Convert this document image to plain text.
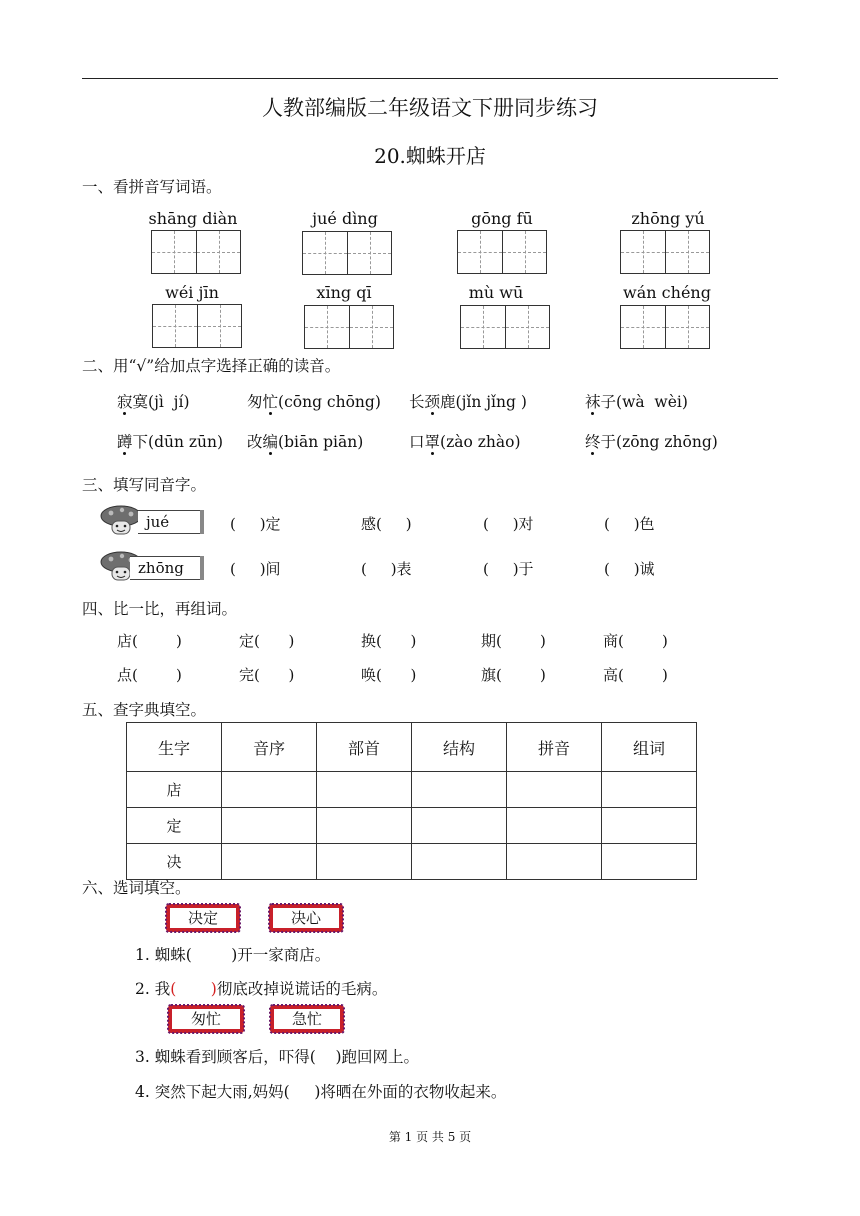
人教部编版二年级语文下册同步练习
20.蜘蛛开店
一、看拼音写词语。
shāng diàn	jué dìng	gōng fū	zhōng yú
wéi jīn	xīng qī	mù wū	wán chéng
二、用“√”给加点字选择正确的读音。
寂寞(jì  jí)	匆忙(cōng chōng) 长颈鹿(jǐn jǐng )	袜子(wà  wèi)
蹲下(dūn zūn) 改编(biān piān)	口罩(zào zhào)	终于(zōng zhōng)
三、填写同音字。
jué	(     )定	感(     )	(     )对	(     )色
zhōng	(     )间	(     )表	(     )于	(     )诚
四、比一比，再组词。
店(        )	定(      )	换(      )	期(        )	商(        )
点(        )	完(      )	唤(      )	旗(        )	高(        )
五、查字典填空。
生字	音序	部首	结构	拼音	组词
店					
定					
决					
六、选词填空。
决定	决心
1. 蜘蛛(        )开一家商店。
2. 我(       )彻底改掉说谎话的毛病。
匆忙	急忙
3. 蜘蛛看到顾客后，吓得(    )跑回网上。
4. 突然下起大雨,妈妈(     )将晒在外面的衣物收起来。
第 1 页 共 5 页
